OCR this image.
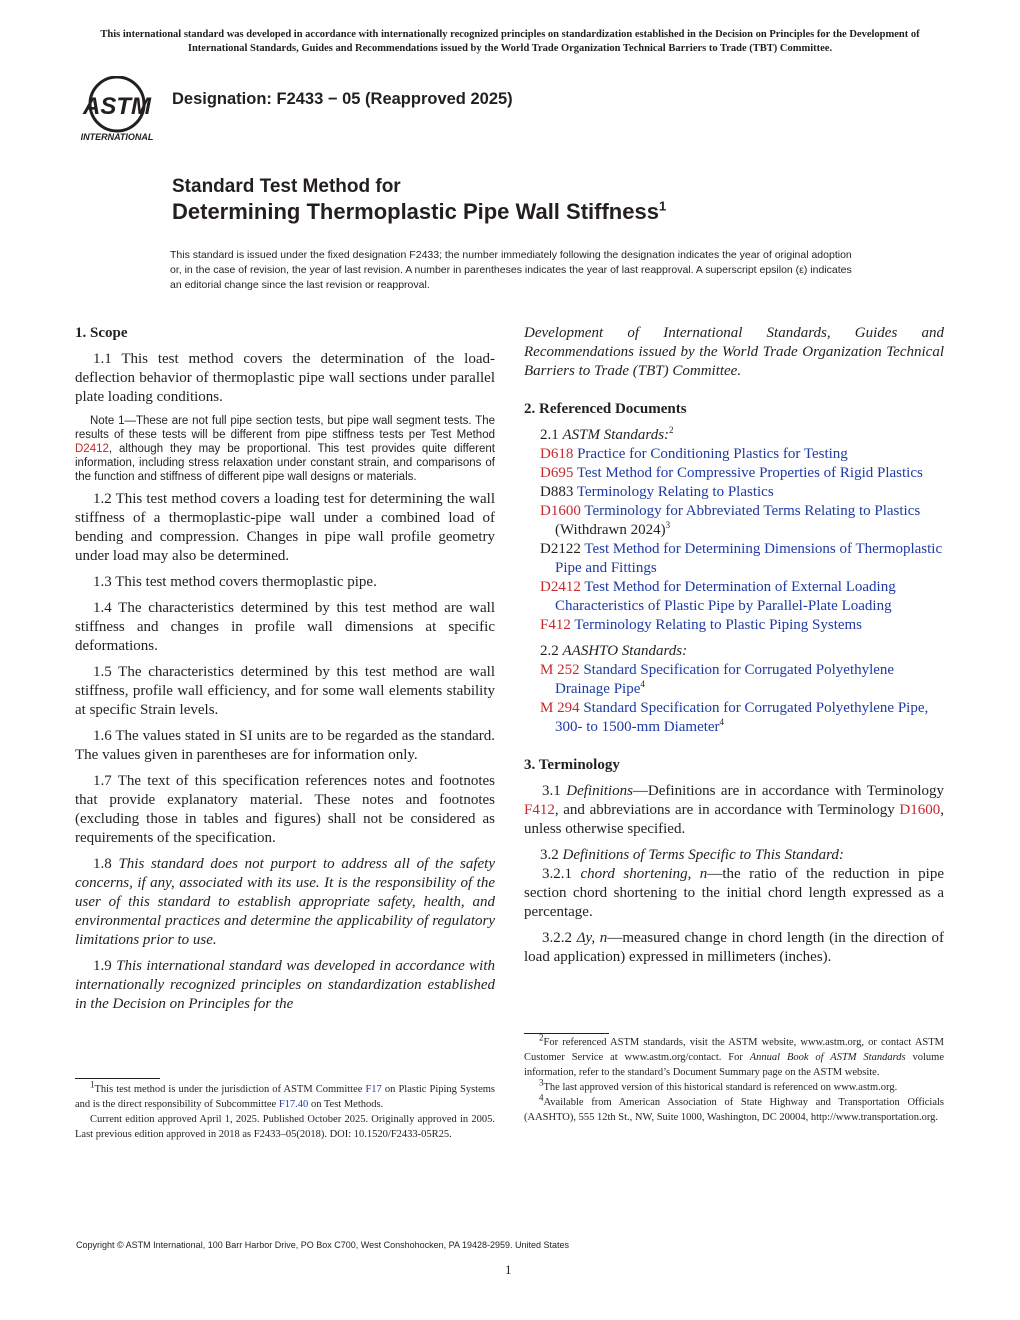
This international standard was developed in accordance with internationally recognized principles on standardization established in the Decision on Principles for the Development of International Standards, Guides and Recommendations issued by the World Trade Organization Technical Barriers to Trade (TBT) Committee.
ASTM
INTERNATIONAL
Designation: F2433 − 05 (Reapproved 2025)
Standard Test Method for
Determining Thermoplastic Pipe Wall Stiffness$^1$
This standard is issued under the fixed designation F2433; the number immediately following the designation indicates the year of original adoption or, in the case of revision, the year of last revision. A number in parentheses indicates the year of last reapproval. A superscript epsilon (ε) indicates an editorial change since the last revision or reapproval.

1. Scope

1.1 This test method covers the determination of the load-deflection behavior of thermoplastic pipe wall sections under parallel plate loading conditions.

Note 1—These are not full pipe section tests, but pipe wall segment tests. The results of these tests will be different from pipe stiffness tests per Test Method D2412, although they may be proportional. This test provides quite different information, including stress relaxation under constant strain, and comparisons of the function and stiffness of different pipe wall designs or materials.

1.2 This test method covers a loading test for determining the wall stiffness of a thermoplastic-pipe wall under a combined load of bending and compression. Changes in pipe wall profile geometry under load may also be determined.

1.3 This test method covers thermoplastic pipe.

1.4 The characteristics determined by this test method are wall stiffness and changes in profile wall dimensions at specific deformations.

1.5 The characteristics determined by this test method are wall stiffness, profile wall efficiency, and for some wall elements stability at specific Strain levels.

1.6 The values stated in SI units are to be regarded as the standard. The values given in parentheses are for information only.

1.7 The text of this specification references notes and footnotes that provide explanatory material. These notes and footnotes (excluding those in tables and figures) shall not be considered as requirements of the specification.

1.8 This standard does not purport to address all of the safety concerns, if any, associated with its use. It is the responsibility of the user of this standard to establish appropriate safety, health, and environmental practices and determine the applicability of regulatory limitations prior to use.

1.9 This international standard was developed in accordance with internationally recognized principles on standardization established in the Decision on Principles for the

$^1$This test method is under the jurisdiction of ASTM Committee F17 on Plastic Piping Systems and is the direct responsibility of Subcommittee F17.40 on Test Methods.
Current edition approved April 1, 2025. Published October 2025. Originally approved in 2005. Last previous edition approved in 2018 as F2433–05(2018). DOI: 10.1520/F2433-05R25.

Development of International Standards, Guides and Recommendations issued by the World Trade Organization Technical Barriers to Trade (TBT) Committee.

2. Referenced Documents

2.1 ASTM Standards:$^2$

D618 Practice for Conditioning Plastics for Testing

D695 Test Method for Compressive Properties of Rigid Plastics

D883 Terminology Relating to Plastics

D1600 Terminology for Abbreviated Terms Relating to Plastics (Withdrawn 2024)$^3$

D2122 Test Method for Determining Dimensions of Thermoplastic Pipe and Fittings

D2412 Test Method for Determination of External Loading Characteristics of Plastic Pipe by Parallel-Plate Loading

F412 Terminology Relating to Plastic Piping Systems

2.2 AASHTO Standards:

M 252 Standard Specification for Corrugated Polyethylene Drainage Pipe$^4$

M 294 Standard Specification for Corrugated Polyethylene Pipe, 300- to 1500-mm Diameter$^4$

3. Terminology

3.1 Definitions—Definitions are in accordance with Terminology F412, and abbreviations are in accordance with Terminology D1600, unless otherwise specified.

3.2 Definitions of Terms Specific to This Standard:

3.2.1 chord shortening, n—the ratio of the reduction in pipe section chord shortening to the initial chord length expressed as a percentage.

3.2.2 Δy, n—measured change in chord length (in the direction of load application) expressed in millimeters (inches).

$^2$For referenced ASTM standards, visit the ASTM website, www.astm.org, or contact ASTM Customer Service at www.astm.org/contact. For Annual Book of ASTM Standards volume information, refer to the standard’s Document Summary page on the ASTM website.
$^3$The last approved version of this historical standard is referenced on www.astm.org.
$^4$Available from American Association of State Highway and Transportation Officials (AASHTO), 555 12th St., NW, Suite 1000, Washington, DC 20004, http://www.transportation.org.
Copyright © ASTM International, 100 Barr Harbor Drive, PO Box C700, West Conshohocken, PA 19428-2959. United States
1
